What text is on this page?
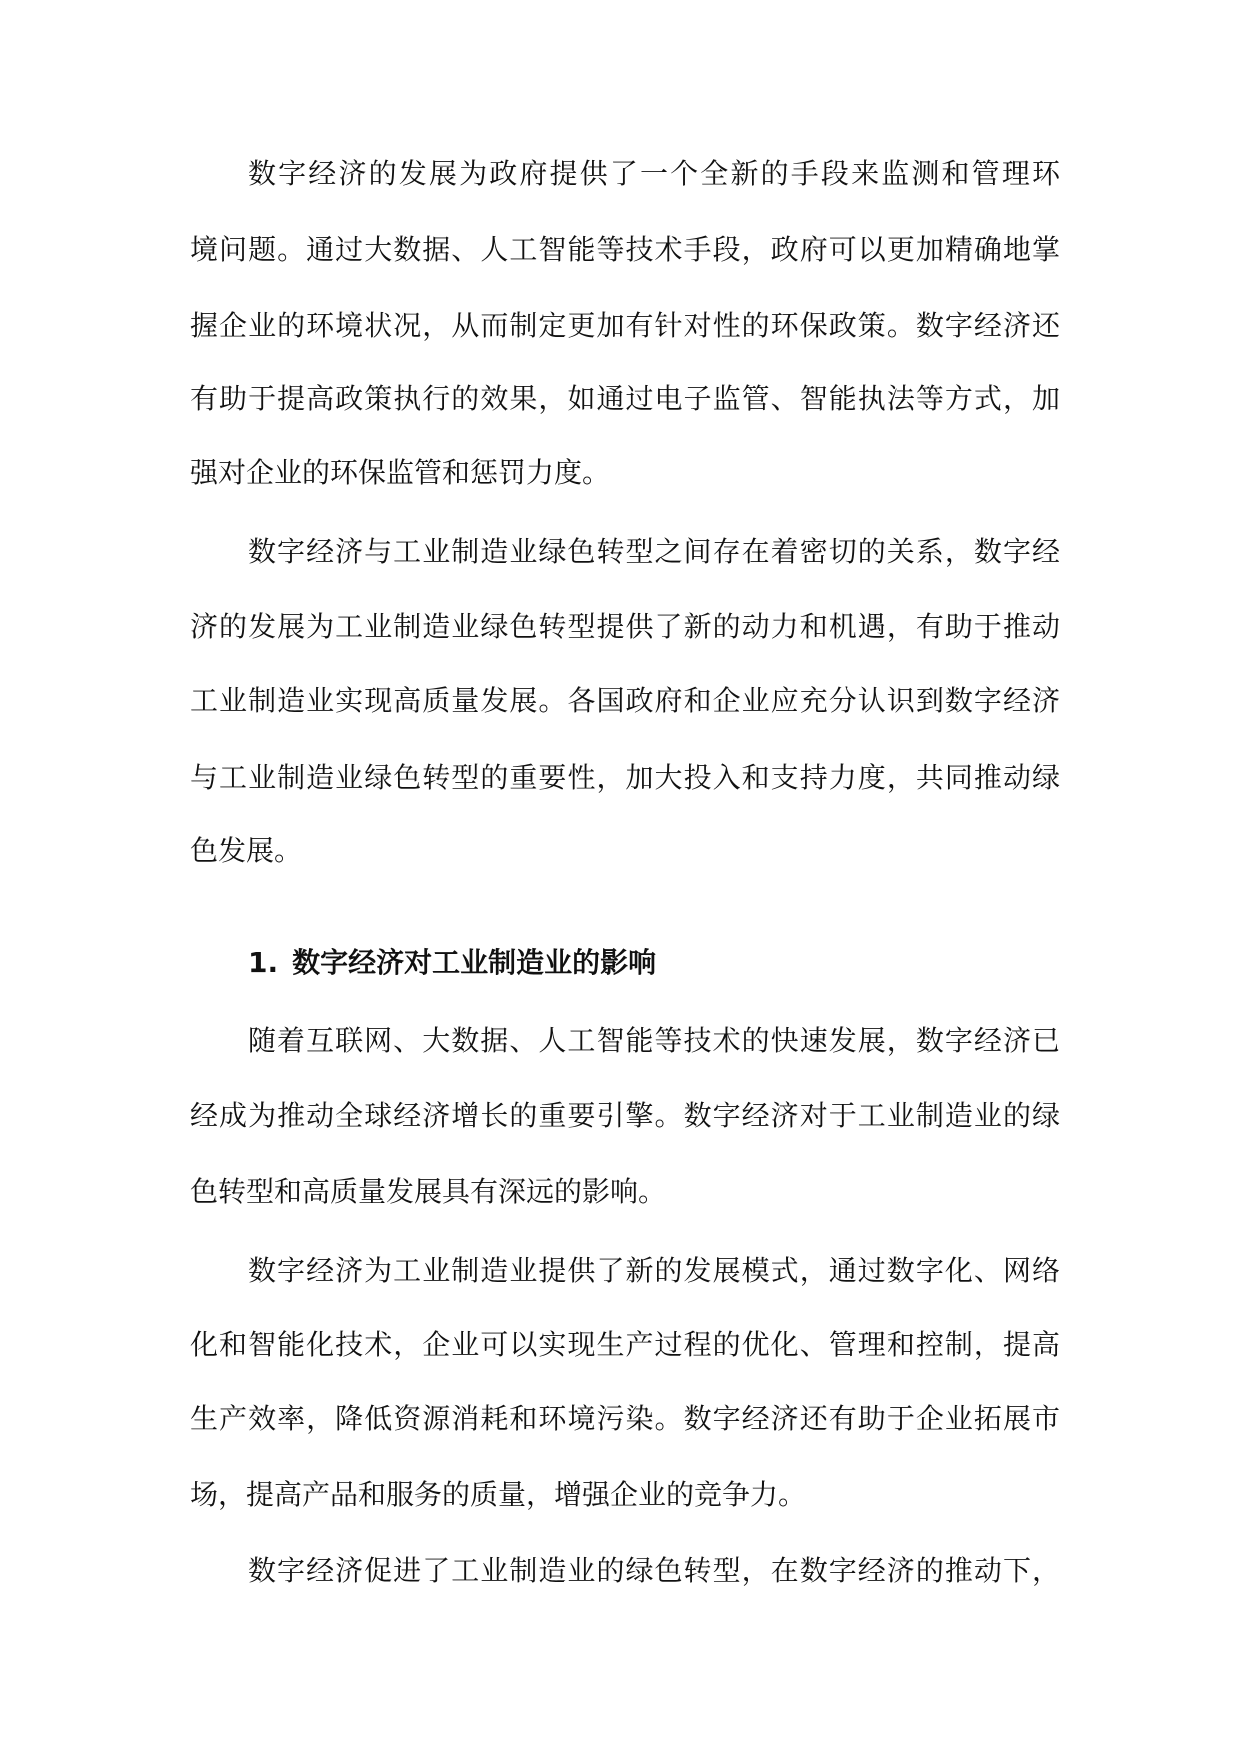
数字经济的发展为政府提供了一个全新的手段来监测和管理环

境问题。通过大数据、人工智能等技术手段，政府可以更加精确地掌

握企业的环境状况，从而制定更加有针对性的环保政策。数字经济还

有助于提高政策执行的效果，如通过电子监管、智能执法等方式，加

强对企业的环保监管和惩罚力度。

数字经济与工业制造业绿色转型之间存在着密切的关系，数字经

济的发展为工业制造业绿色转型提供了新的动力和机遇，有助于推动

工业制造业实现高质量发展。各国政府和企业应充分认识到数字经济

与工业制造业绿色转型的重要性，加大投入和支持力度，共同推动绿

色发展。

1. 数字经济对工业制造业的影响

随着互联网、大数据、人工智能等技术的快速发展，数字经济已

经成为推动全球经济增长的重要引擎。数字经济对于工业制造业的绿

色转型和高质量发展具有深远的影响。

数字经济为工业制造业提供了新的发展模式，通过数字化、网络

化和智能化技术，企业可以实现生产过程的优化、管理和控制，提高

生产效率，降低资源消耗和环境污染。数字经济还有助于企业拓展市

场，提高产品和服务的质量，增强企业的竞争力。

数字经济促进了工业制造业的绿色转型，在数字经济的推动下，
